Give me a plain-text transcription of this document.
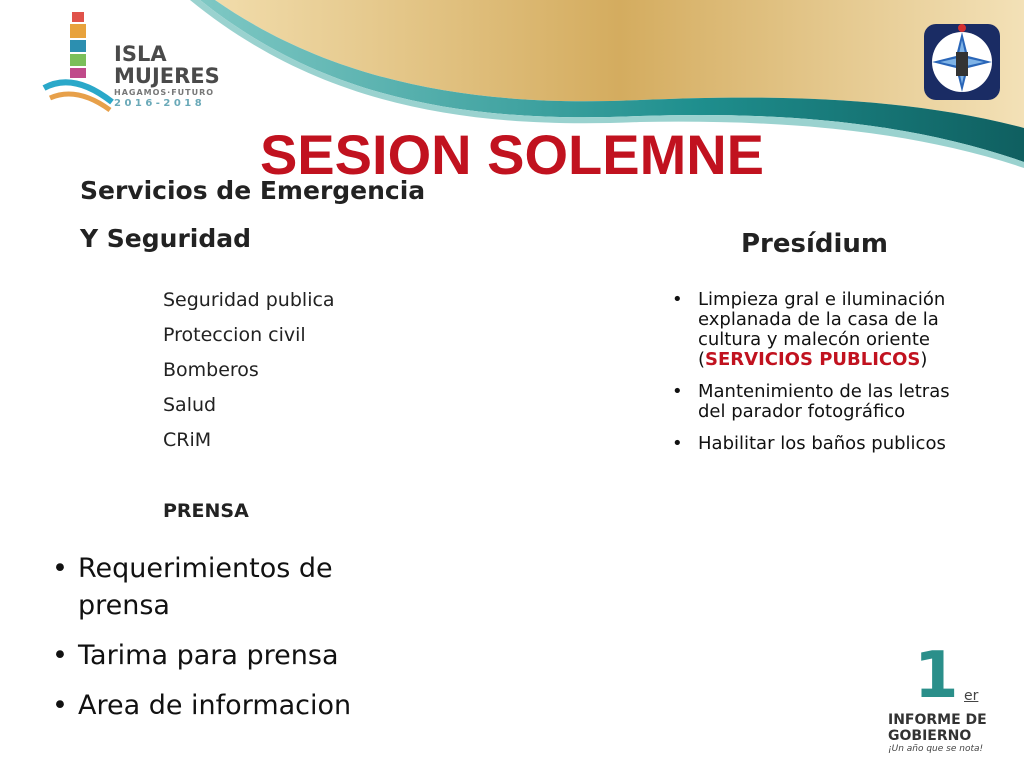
ISLA
MUJERES
HAGAMOS·FUTURO
2 0 1 6 - 2 0 1 8
SESION SOLEMNE
Servicios de Emergencia
Y Seguridad
Seguridad publica
Proteccion civil
Bomberos
Salud
CRiM
PRENSA
• Requerimientos de prensa
• Tarima para prensa
• Area de informacion
Presídium
• Limpieza gral e iluminación explanada de la casa de la cultura y malecón oriente (SERVICIOS PUBLICOS)
• Mantenimiento de las letras del parador fotográfico
• Habilitar los baños publicos
1 er
INFORME DE
GOBIERNO
¡Un año que se nota!
